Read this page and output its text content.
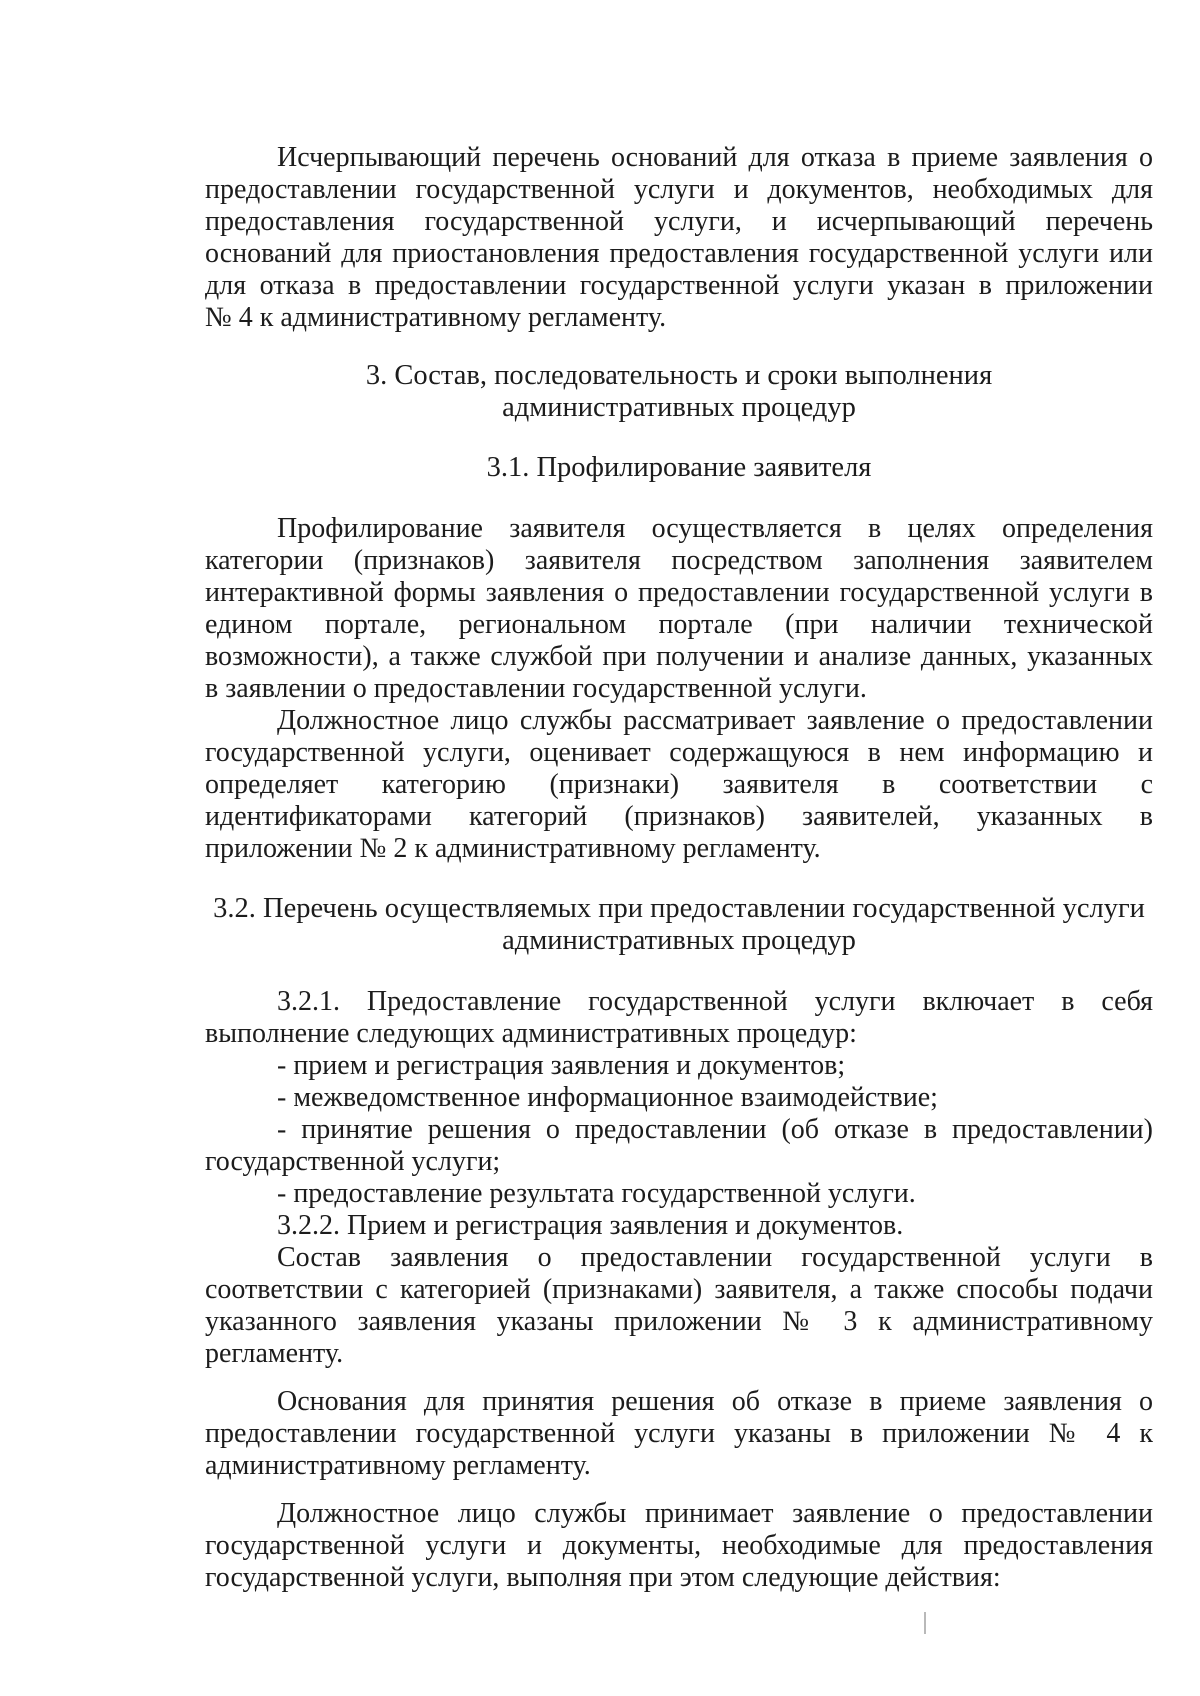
Исчерпывающий перечень оснований для отказа в приеме заявления о
предоставлении государственной услуги и документов, необходимых для
предоставления государственной услуги, и исчерпывающий перечень
оснований для приостановления предоставления государственной услуги или
для отказа в предоставлении государственной услуги указан в приложении
№ 4 к административному регламенту.
3. Состав, последовательность и сроки выполнения
административных процедур
3.1. Профилирование заявителя
Профилирование заявителя осуществляется в целях определения
категории (признаков) заявителя посредством заполнения заявителем
интерактивной формы заявления о предоставлении государственной услуги в
едином портале, региональном портале (при наличии технической
возможности), а также службой при получении и анализе данных, указанных
в заявлении о предоставлении государственной услуги.
Должностное лицо службы рассматривает заявление о предоставлении
государственной услуги, оценивает содержащуюся в нем информацию и
определяет категорию (признаки) заявителя в соответствии с
идентификаторами категорий (признаков) заявителей, указанных в
приложении № 2 к административному регламенту.
3.2. Перечень осуществляемых при предоставлении государственной услуги
административных процедур
3.2.1. Предоставление государственной услуги включает в себя
выполнение следующих административных процедур:
- прием и регистрация заявления и документов;
- межведомственное информационное взаимодействие;
- принятие решения о предоставлении (об отказе в предоставлении)
государственной услуги;
- предоставление результата государственной услуги.
3.2.2. Прием и регистрация заявления и документов.
Состав заявления о предоставлении государственной услуги в
соответствии с категорией (признаками) заявителя, а также способы подачи
указанного заявления указаны приложении № 3 к административному
регламенту.
Основания для принятия решения об отказе в приеме заявления о
предоставлении государственной услуги указаны в приложении № 4 к
административному регламенту.
Должностное лицо службы принимает заявление о предоставлении
государственной услуги и документы, необходимые для предоставления
государственной услуги, выполняя при этом следующие действия:
